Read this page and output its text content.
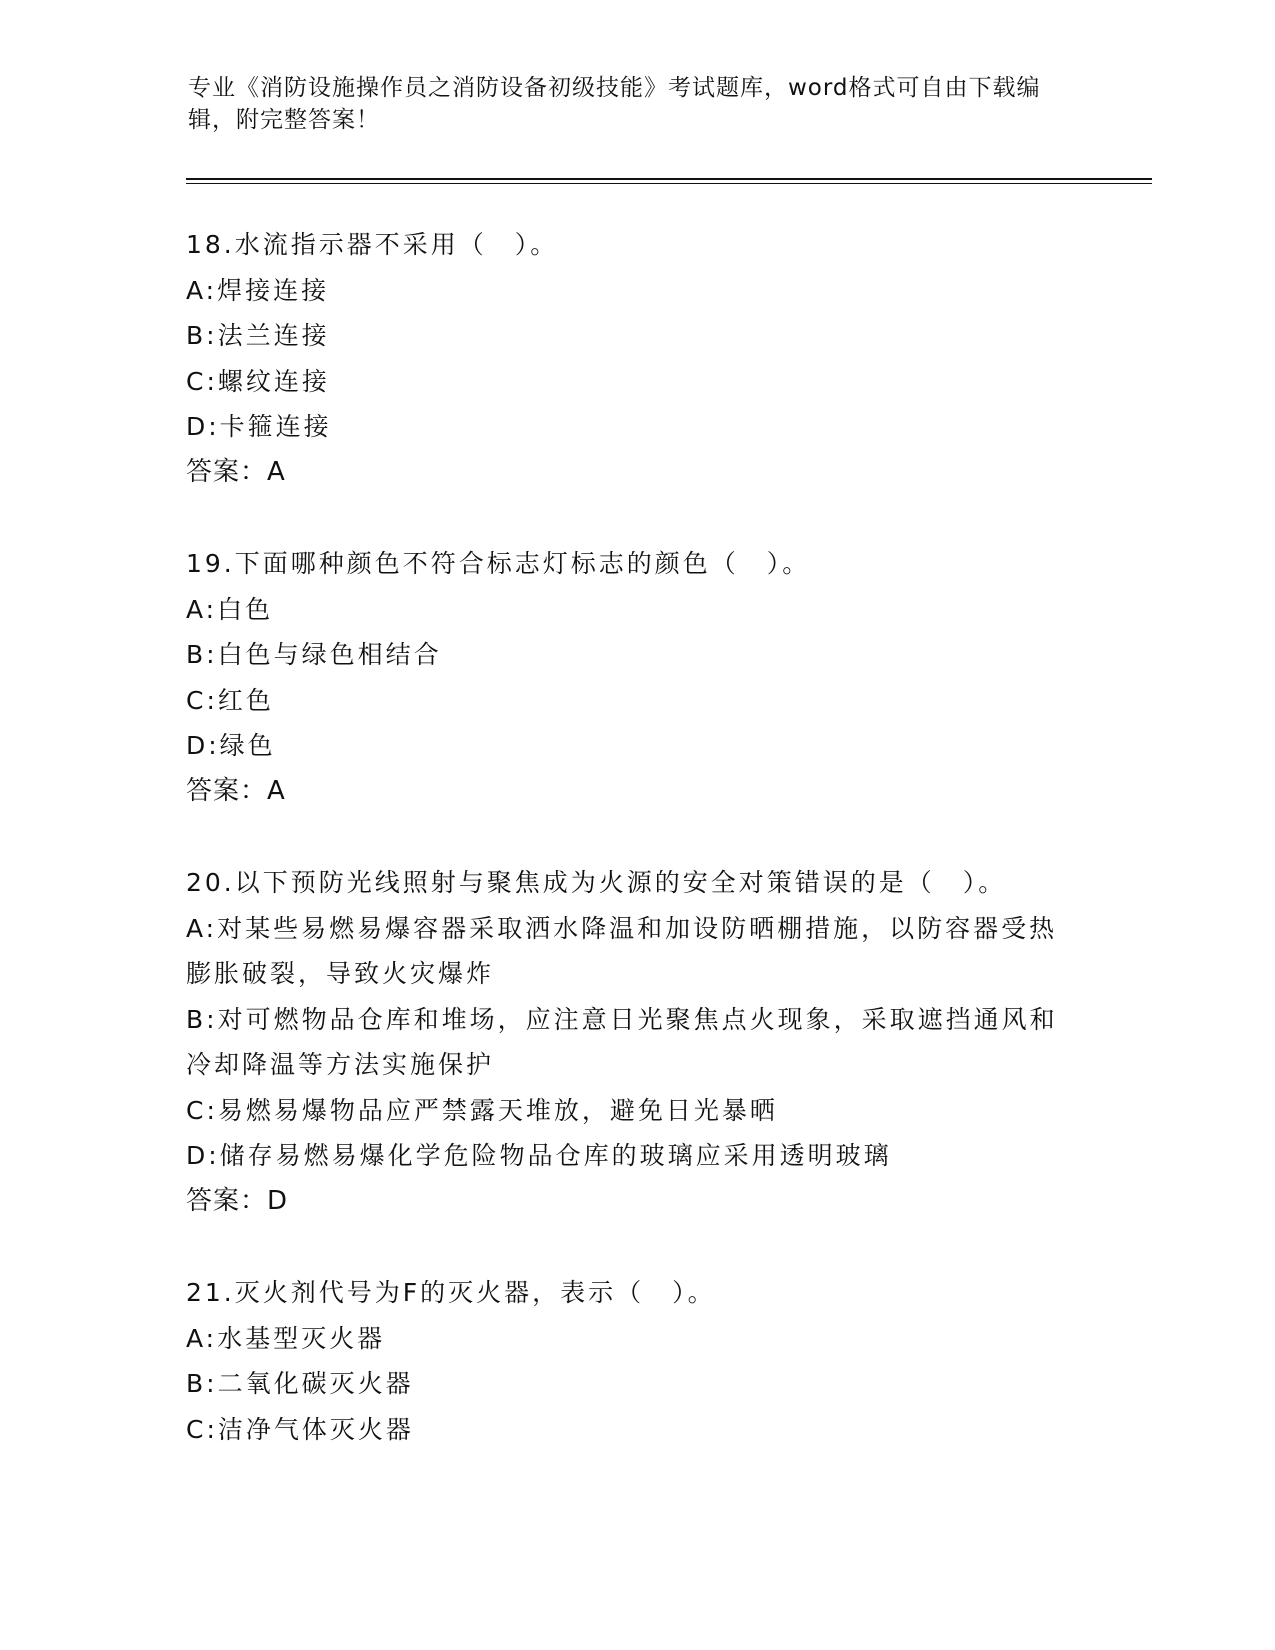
专业《消防设施操作员之消防设备初级技能》考试题库，word格式可自由下载编辑，附完整答案！
18.水流指示器不采用（　）。
A:焊接连接
B:法兰连接
C:螺纹连接
D:卡箍连接
答案：A
19.下面哪种颜色不符合标志灯标志的颜色（　）。
A:白色
B:白色与绿色相结合
C:红色
D:绿色
答案：A
20.以下预防光线照射与聚焦成为火源的安全对策错误的是（　）。
A:对某些易燃易爆容器采取洒水降温和加设防晒棚措施，以防容器受热膨胀破裂，导致火灾爆炸
B:对可燃物品仓库和堆场，应注意日光聚焦点火现象，采取遮挡通风和冷却降温等方法实施保护
C:易燃易爆物品应严禁露天堆放，避免日光暴晒
D:储存易燃易爆化学危险物品仓库的玻璃应采用透明玻璃
答案：D
21.灭火剂代号为F的灭火器，表示（　）。
A:水基型灭火器
B:二氧化碳灭火器
C:洁净气体灭火器
